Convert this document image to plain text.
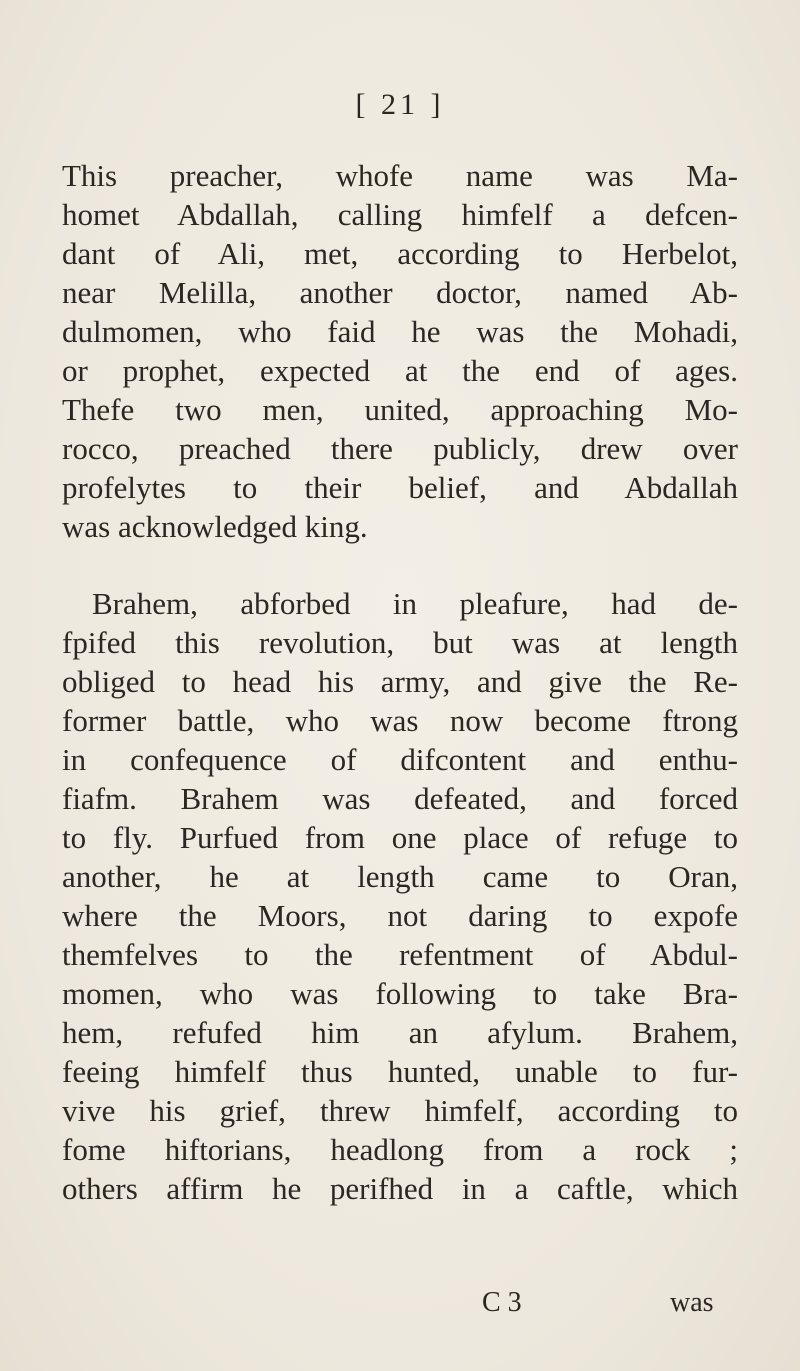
[ 21 ]
This preacher, whofe name was Ma-
homet Abdallah, calling himfelf a defcen-
dant of Ali, met, according to Herbelot,
near Melilla, another doctor, named Ab-
dulmomen, who faid he was the Mohadi,
or prophet, expected at the end of ages.
Thefe two men, united, approaching Mo-
rocco, preached there publicly, drew over
profelytes to their belief, and Abdallah
was acknowledged king.
Brahem, abforbed in pleafure, had de-
fpifed this revolution, but was at length
obliged to head his army, and give the Re-
former battle, who was now become ftrong
in confequence of difcontent and enthu-
fiafm. Brahem was defeated, and forced
to fly. Purfued from one place of refuge to
another, he at length came to Oran,
where the Moors, not daring to expofe
themfelves to the refentment of Abdul-
momen, who was following to take Bra-
hem, refufed him an afylum. Brahem,
feeing himfelf thus hunted, unable to fur-
vive his grief, threw himfelf, according to
fome hiftorians, headlong from a rock ;
others affirm he perifhed in a caftle, which
C 3	was
